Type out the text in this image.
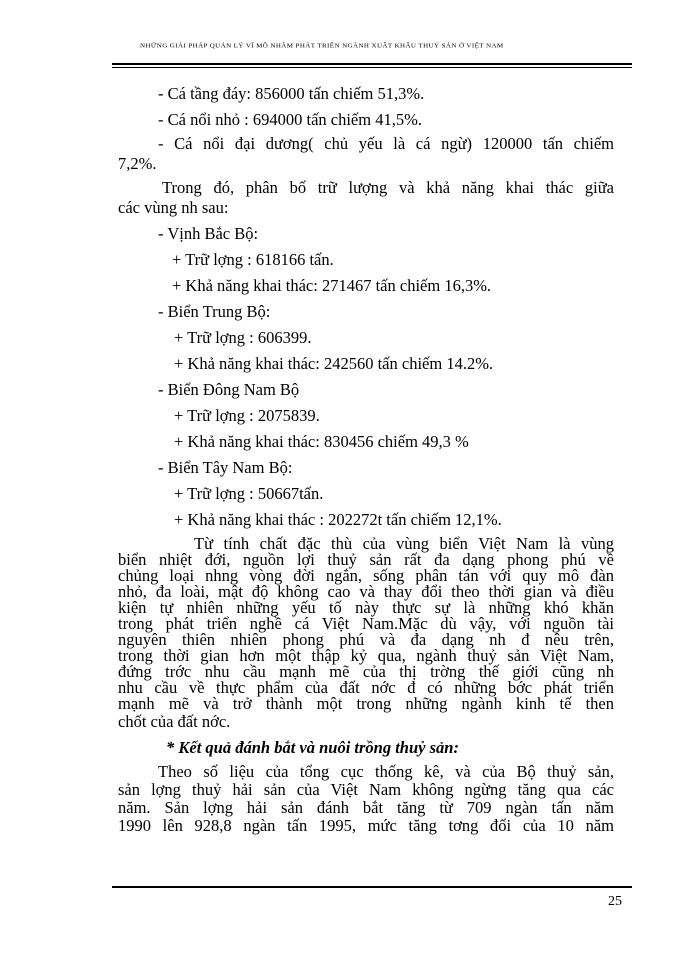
NHỮNG GIẢI PHÁP QUẢN LÝ VĨ MÔ NHẰM PHÁT TRIỂN NGÀNH XUẤT KHẨU THUỶ SẢN Ở VIỆT NAM
- Cá tầng đáy: 856000 tấn chiếm 51,3%.
- Cá nổi nhỏ : 694000 tấn chiếm 41,5%.
- Cá nổi đại dương( chủ yếu là cá ngừ) 120000 tấn chiếm
7,2%.
Trong đó, phân bố trữ lượng và khả năng khai thác giữa
các vùng nh sau:
- Vịnh Bắc Bộ:
+ Trữ lợng : 618166 tấn.
+ Khả năng khai thác: 271467 tấn chiếm 16,3%.
- Biển Trung Bộ:
+ Trữ lợng : 606399.
+ Khả năng khai thác: 242560 tấn chiếm 14.2%.
- Biển Đông Nam Bộ
+ Trữ lợng : 2075839.
+ Khả năng khai thác: 830456 chiếm 49,3 %
- Biển Tây Nam Bộ:
+ Trữ lợng : 50667tấn.
+ Khả năng khai thác : 202272t tấn chiếm 12,1%.
Từ tính chất đặc thù của vùng biển Việt Nam là vùng
biển nhiệt đới, nguồn lợi thuỷ sản rất đa dạng phong phú về
chủng loại nhng vòng đời ngắn, sống phân tán với quy mô đàn
nhỏ, đa loài, mật độ không cao và thay đổi theo thời gian và điều
kiện tự nhiên những yếu tố này thực sự là những khó khăn
trong phát triển nghề cá Việt Nam.Mặc dù vậy, với nguồn tài
nguyên thiên nhiên phong phú và đa dạng nh đ nêu trên,
trong thời gian hơn một thập kỷ qua, ngành thuỷ sản Việt Nam,
đứng trớc nhu cầu mạnh mẽ của thị trờng thế giới cũng nh
nhu cầu về thực phẩm của đất nớc đ có những bớc phát triển
mạnh mẽ và trở thành một trong những ngành kinh tế then
chốt của đất nớc.
* Kết quả đánh bắt và nuôi trồng thuỷ sản:
Theo số liệu của tổng cục thống kê, và của Bộ thuỷ sản,
sản lợng thuỷ hải sản của Việt Nam không ngừng tăng qua các
năm. Sản lợng hải sản đánh bắt tăng từ 709 ngàn tấn năm
1990 lên 928,8 ngàn tấn 1995, mức tăng tơng đối của 10 năm
25
